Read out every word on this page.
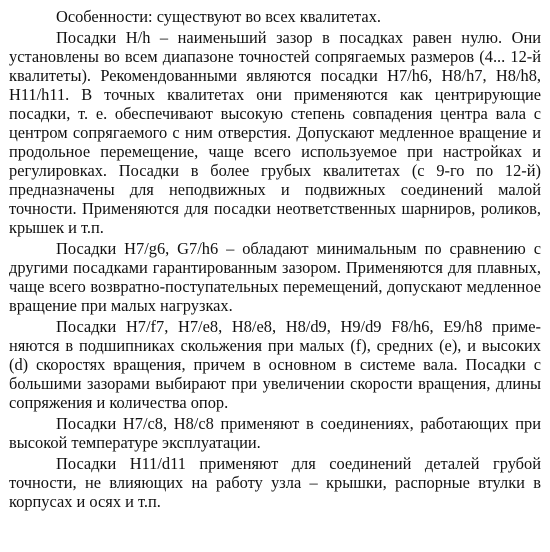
Особенности: существуют во всех квалитетах.

Посадки H/h – наименьший зазор в посадках равен нулю. Они установлены во всем диапазоне точностей сопрягаемых размеров (4... 12-й квалитеты). Рекомендованными являются посадки H7/h6, H8/h7, H8/h8, H11/h11. В точных квалитетах они применяются как центрирующие посадки, т. е. обеспечивают высокую степень совпадения центра вала с центром сопрягаемого с ним отверстия. Допускают медленное вращение и продольное перемещение, чаще всего используемое при настройках и регулировках. Посадки в более грубых квалитетах (с 9-го по 12-й) предназначены для неподвижных и подвижных соединений малой точности. Применяются для посадки неответственных шарниров, роликов, крышек и т.п.

Посадки H7/g6, G7/h6 – обладают минимальным по сравнению с другими посадками гарантированным зазором. Применяются для плавных, чаще всего возвратно-поступательных перемещений, допускают медленное вращение при малых нагрузках.

Посадки H7/f7, H7/e8, H8/e8, H8/d9, H9/d9 F8/h6, E9/h8 применяются в подшипниках скольжения при малых (f), средних (e), и высоких (d) скоростях вращения, причем в основном в системе вала. Посадки с большими зазорами выбирают при увеличении скорости вращения, длины сопряжения и количества опор.

Посадки H7/c8, H8/c8 применяют в соединениях, работающих при высокой температуре эксплуатации.

Посадки H11/d11 применяют для соединений деталей грубой точности, не влияющих на работу узла – крышки, распорные втулки в корпусах и осях и т.п.
